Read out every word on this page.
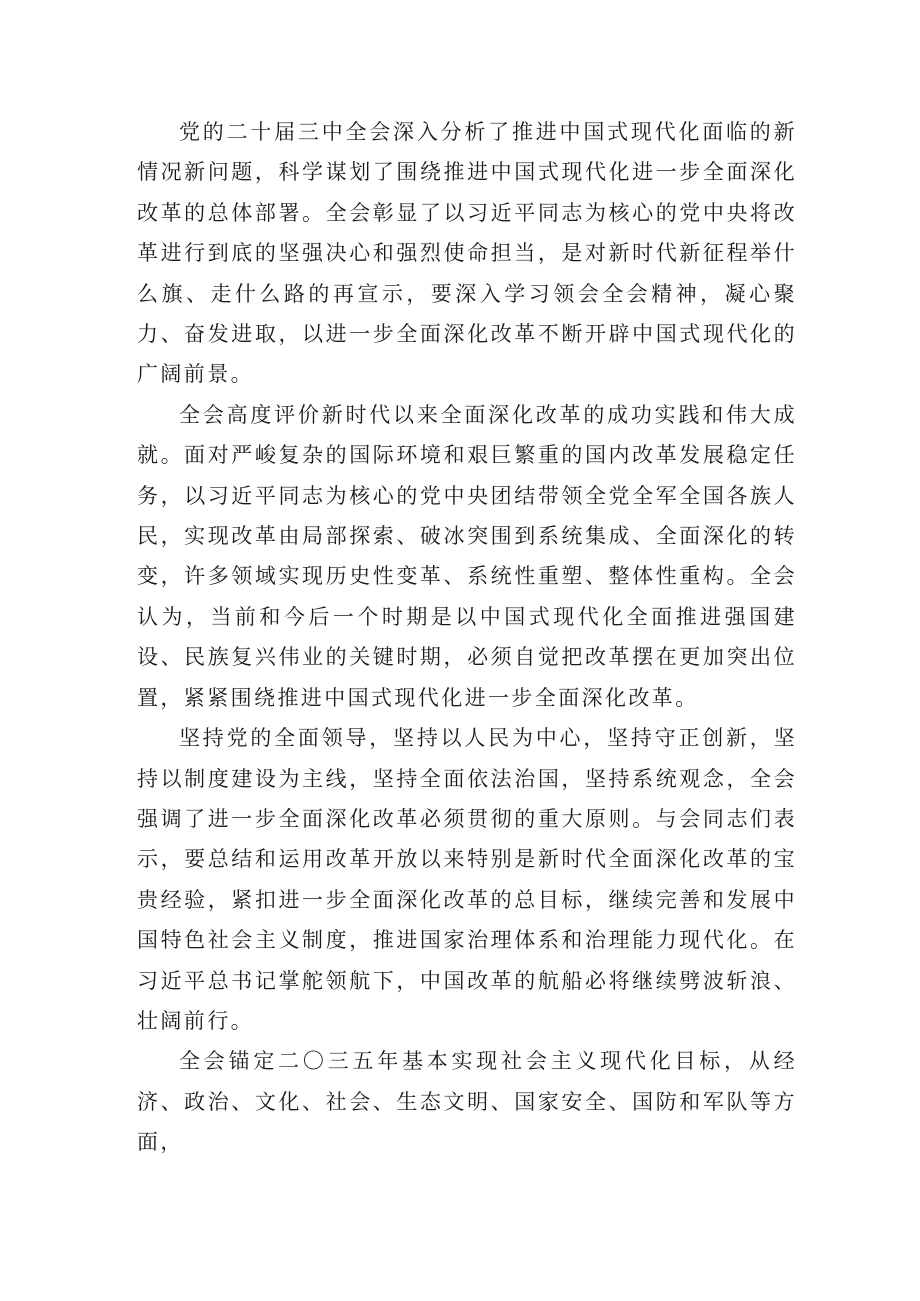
党的二十届三中全会深入分析了推进中国式现代化面临的新情况新问题，科学谋划了围绕推进中国式现代化进一步全面深化改革的总体部署。全会彰显了以习近平同志为核心的党中央将改革进行到底的坚强决心和强烈使命担当，是对新时代新征程举什么旗、走什么路的再宣示，要深入学习领会全会精神，凝心聚力、奋发进取，以进一步全面深化改革不断开辟中国式现代化的广阔前景。

全会高度评价新时代以来全面深化改革的成功实践和伟大成就。面对严峻复杂的国际环境和艰巨繁重的国内改革发展稳定任务，以习近平同志为核心的党中央团结带领全党全军全国各族人民，实现改革由局部探索、破冰突围到系统集成、全面深化的转变，许多领域实现历史性变革、系统性重塑、整体性重构。全会认为，当前和今后一个时期是以中国式现代化全面推进强国建设、民族复兴伟业的关键时期，必须自觉把改革摆在更加突出位置，紧紧围绕推进中国式现代化进一步全面深化改革。

坚持党的全面领导，坚持以人民为中心，坚持守正创新，坚持以制度建设为主线，坚持全面依法治国，坚持系统观念，全会强调了进一步全面深化改革必须贯彻的重大原则。与会同志们表示，要总结和运用改革开放以来特别是新时代全面深化改革的宝贵经验，紧扣进一步全面深化改革的总目标，继续完善和发展中国特色社会主义制度，推进国家治理体系和治理能力现代化。在习近平总书记掌舵领航下，中国改革的航船必将继续劈波斩浪、壮阔前行。

全会锚定二〇三五年基本实现社会主义现代化目标，从经济、政治、文化、社会、生态文明、国家安全、国防和军队等方面，
